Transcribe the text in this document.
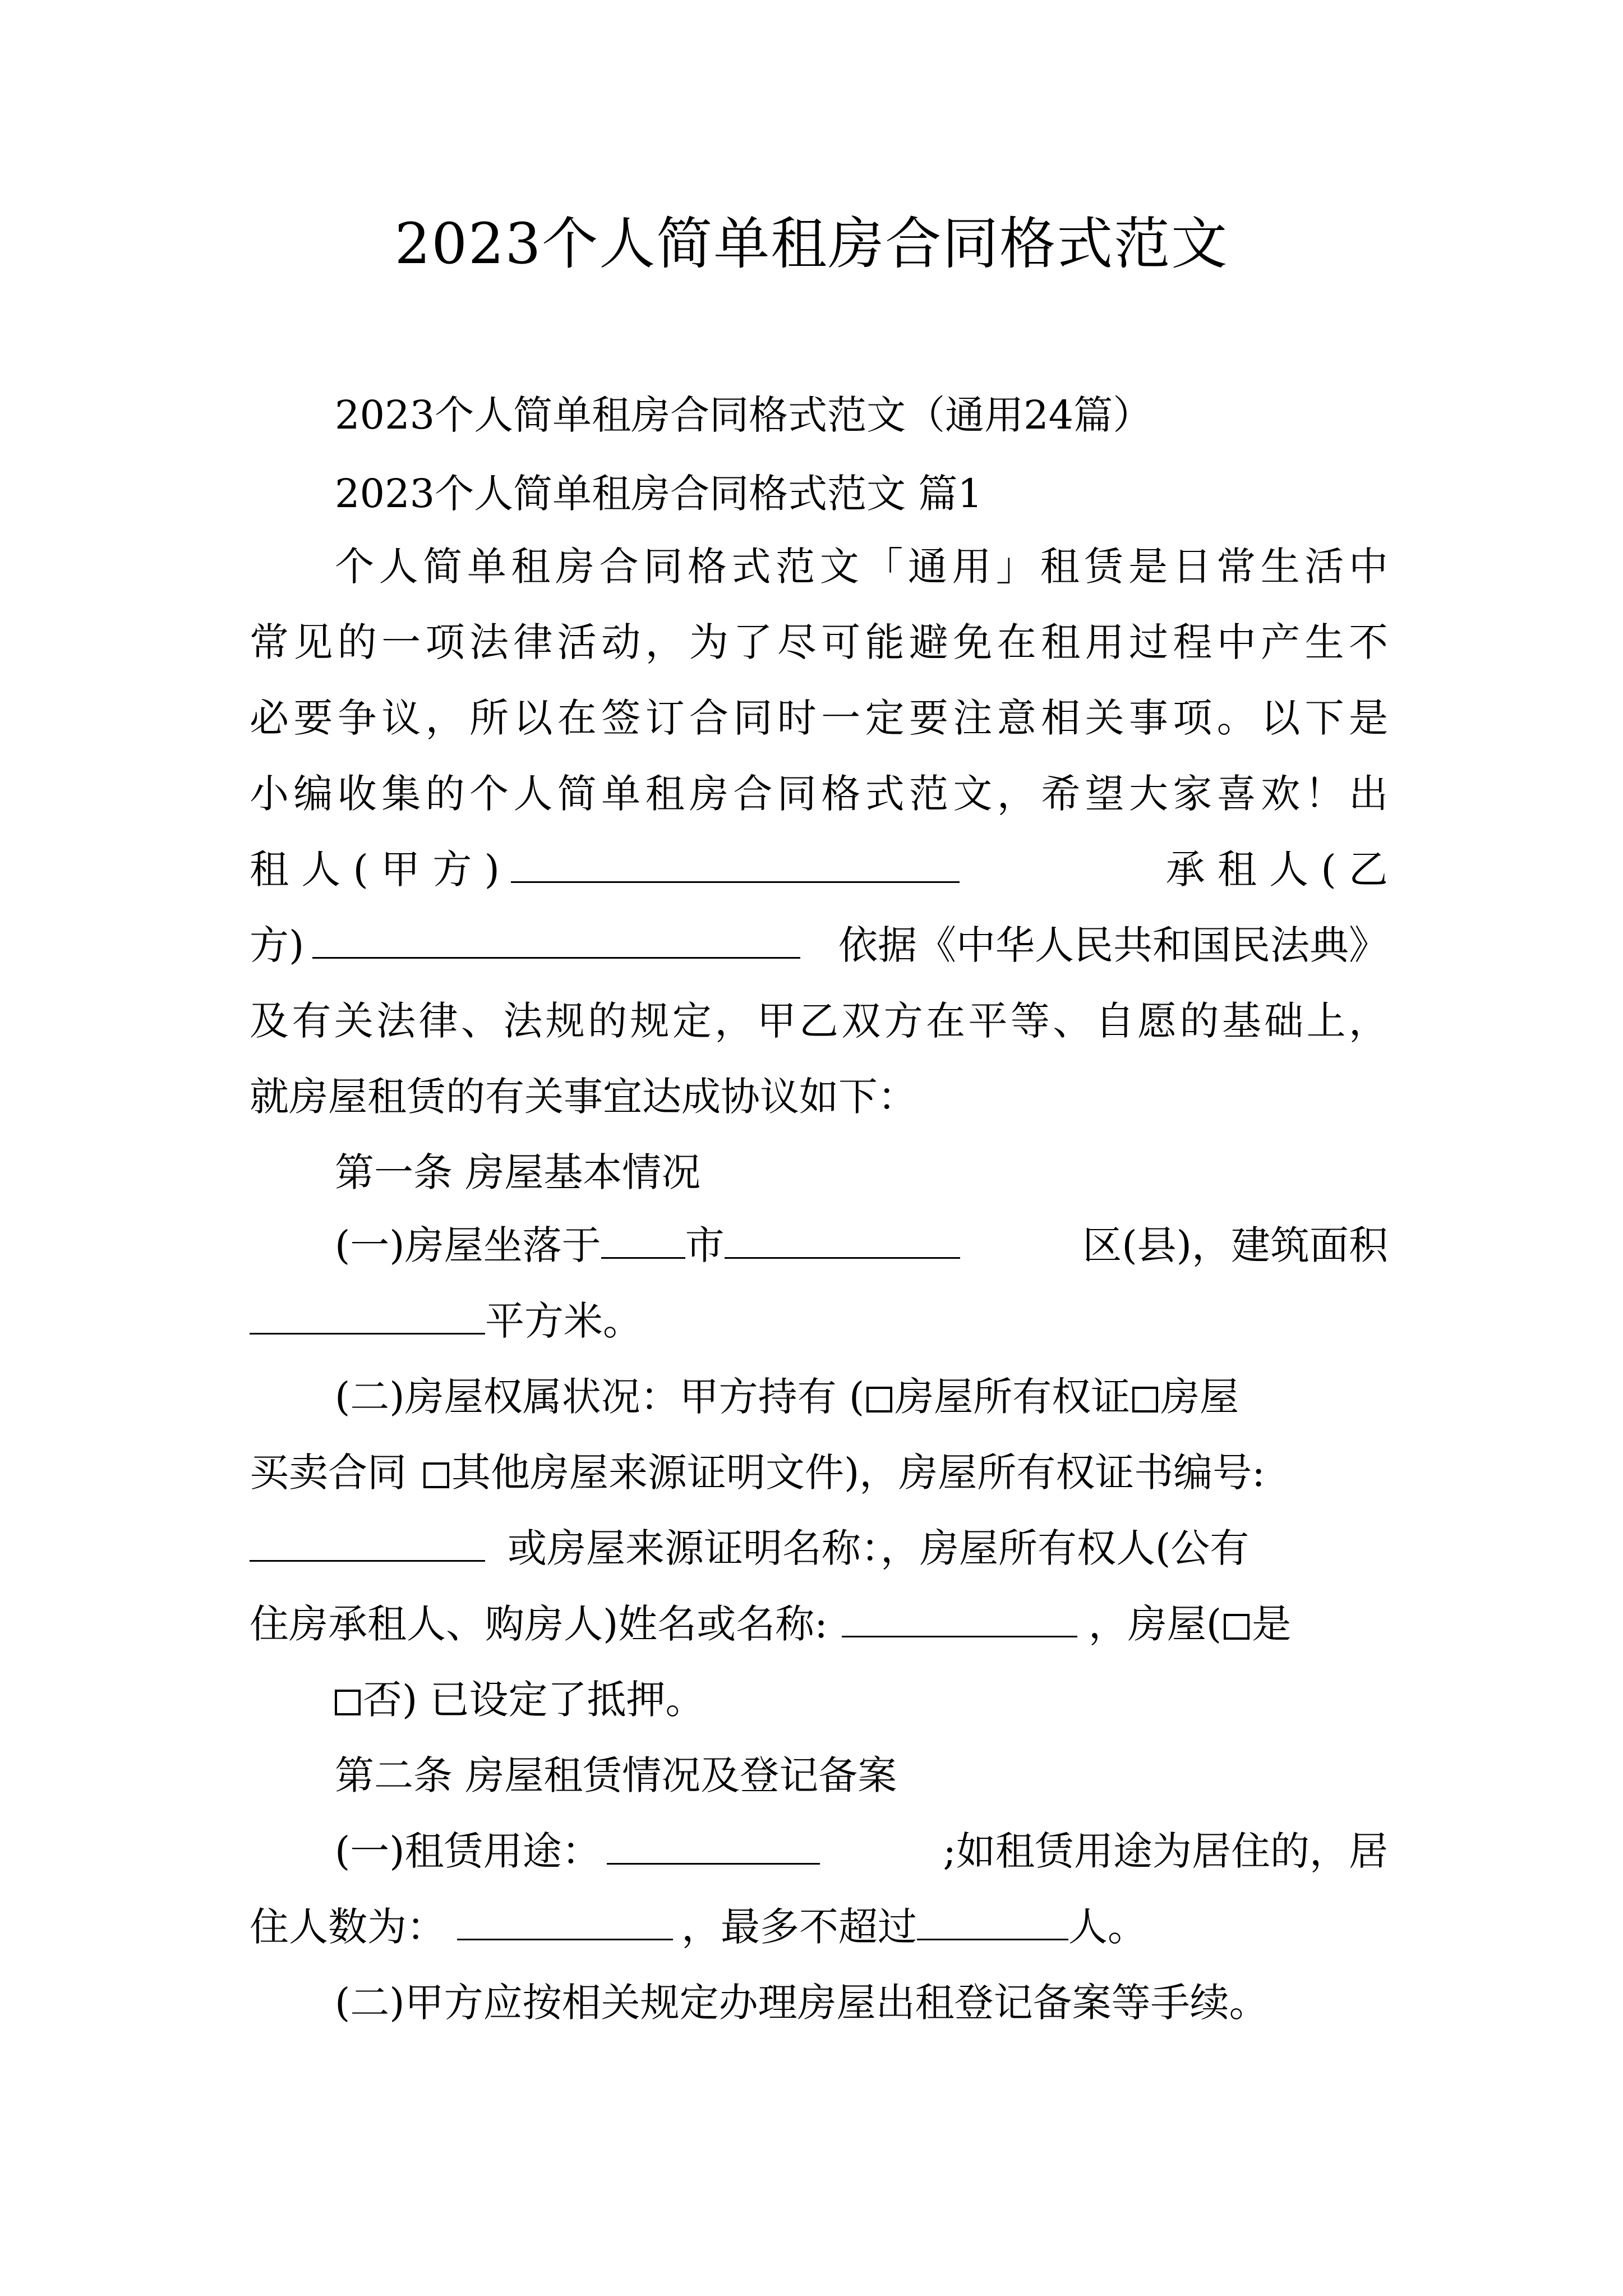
2023个人简单租房合同格式范文
2023个人简单租房合同格式范文（通用24篇）
2023个人简单租房合同格式范文 篇1
个人简单租房合同格式范文「通用」租赁是日常生活中
常见的一项法律活动，为了尽可能避免在租用过程中产生不
必要争议，所以在签订合同时一定要注意相关事项。以下是
小编收集的个人简单租房合同格式范文，希望大家喜欢！出
租 人 ( 甲 方 )	承 租 人 ( 乙
方)	依据《中华人民共和国民法典》
及有关法律、法规的规定，甲乙双方在平等、自愿的基础上，
就房屋租赁的有关事宜达成协议如下：
第一条 房屋基本情况
(一)房屋坐落于 市	区(县)，建筑面积
平方米。
(二)房屋权属状况：甲方持有 ( 房屋所有权证 房屋
买卖合同 其他房屋来源证明文件)，房屋所有权证书编号:
或房屋来源证明名称：，房屋所有权人(公有
住房承租人、购房人)姓名或名称:	，房屋( 是
否) 已设定了抵押。
第二条 房屋租赁情况及登记备案
(一)租赁用途：	;如租赁用途为居住的，居
住人数为：	，最多不超过	人。
(二)甲方应按相关规定办理房屋出租登记备案等手续。
